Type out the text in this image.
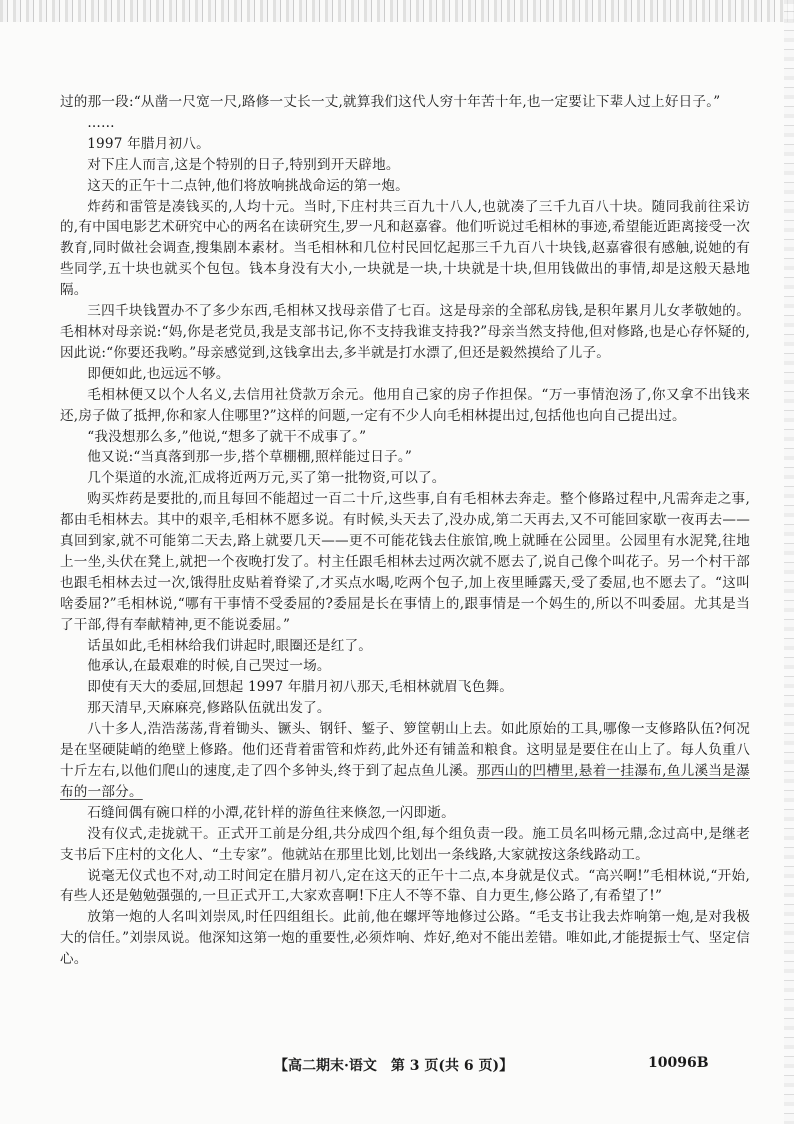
过的那一段:“从凿一尺宽一尺,路修一丈长一丈,就算我们这代人穷十年苦十年,也一定要让下辈人过上好日子。”

……

1997 年腊月初八。

对下庄人而言,这是个特别的日子,特别到开天辟地。

这天的正午十二点钟,他们将放响挑战命运的第一炮。

炸药和雷管是凑钱买的,人均十元。当时,下庄村共三百九十八人,也就凑了三千九百八十块。随同我前往采访的,有中国电影艺术研究中心的两名在读研究生,罗一凡和赵嘉睿。他们听说过毛相林的事迹,希望能近距离接受一次教育,同时做社会调查,搜集剧本素材。当毛相林和几位村民回忆起那三千九百八十块钱,赵嘉睿很有感触,说她的有些同学,五十块也就买个包包。钱本身没有大小,一块就是一块,十块就是十块,但用钱做出的事情,却是这般天悬地隔。

三四千块钱置办不了多少东西,毛相林又找母亲借了七百。这是母亲的全部私房钱,是积年累月儿女孝敬她的。毛相林对母亲说:“妈,你是老党员,我是支部书记,你不支持我谁支持我?”母亲当然支持他,但对修路,也是心存怀疑的,因此说:“你要还我哟。”母亲感觉到,这钱拿出去,多半就是打水漂了,但还是毅然摸给了儿子。

即便如此,也远远不够。

毛相林便又以个人名义,去信用社贷款万余元。他用自己家的房子作担保。“万一事情泡汤了,你又拿不出钱来还,房子做了抵押,你和家人住哪里?”这样的问题,一定有不少人向毛相林提出过,包括他也向自己提出过。

“我没想那么多,”他说,“想多了就干不成事了。”

他又说:“当真落到那一步,搭个草棚棚,照样能过日子。”

几个渠道的水流,汇成将近两万元,买了第一批物资,可以了。

购买炸药是要批的,而且每回不能超过一百二十斤,这些事,自有毛相林去奔走。整个修路过程中,凡需奔走之事,都由毛相林去。其中的艰辛,毛相林不愿多说。有时候,头天去了,没办成,第二天再去,又不可能回家歇一夜再去——真回到家,就不可能第二天去,路上就要几天——更不可能花钱去住旅馆,晚上就睡在公园里。公园里有水泥凳,往地上一坐,头伏在凳上,就把一个夜晚打发了。村主任跟毛相林去过两次就不愿去了,说自己像个叫花子。另一个村干部也跟毛相林去过一次,饿得肚皮贴着脊梁了,才买点水喝,吃两个包子,加上夜里睡露天,受了委屈,也不愿去了。“这叫啥委屈?”毛相林说,“哪有干事情不受委屈的?委屈是长在事情上的,跟事情是一个妈生的,所以不叫委屈。尤其是当了干部,得有奉献精神,更不能说委屈。”

话虽如此,毛相林给我们讲起时,眼圈还是红了。

他承认,在最艰难的时候,自己哭过一场。

即使有天大的委屈,回想起 1997 年腊月初八那天,毛相林就眉飞色舞。

那天清早,天麻麻亮,修路队伍就出发了。

八十多人,浩浩荡荡,背着锄头、镢头、钢钎、錾子、箩筐朝山上去。如此原始的工具,哪像一支修路队伍?何况是在坚硬陡峭的绝壁上修路。他们还背着雷管和炸药,此外还有铺盖和粮食。这明显是要住在山上了。每人负重八十斤左右,以他们爬山的速度,走了四个多钟头,终于到了起点鱼儿溪。那西山的凹槽里,悬着一挂瀑布,鱼儿溪当是瀑布的一部分。

石缝间偶有碗口样的小潭,花针样的游鱼往来倏忽,一闪即逝。

没有仪式,走拢就干。正式开工前是分组,共分成四个组,每个组负责一段。施工员名叫杨元鼎,念过高中,是继老支书后下庄村的文化人、“土专家”。他就站在那里比划,比划出一条线路,大家就按这条线路动工。

说毫无仪式也不对,动工时间定在腊月初八,定在这天的正午十二点,本身就是仪式。“高兴啊!”毛相林说,“开始,有些人还是勉勉强强的,一旦正式开工,大家欢喜啊!下庄人不等不靠、自力更生,修公路了,有希望了!”

放第一炮的人名叫刘崇凤,时任四组组长。此前,他在螺坪等地修过公路。“毛支书让我去炸响第一炮,是对我极大的信任。”刘崇凤说。他深知这第一炮的重要性,必须炸响、炸好,绝对不能出差错。唯如此,才能提振士气、坚定信心。

【高二期末·语文　第 3 页(共 6 页)】	10096B
